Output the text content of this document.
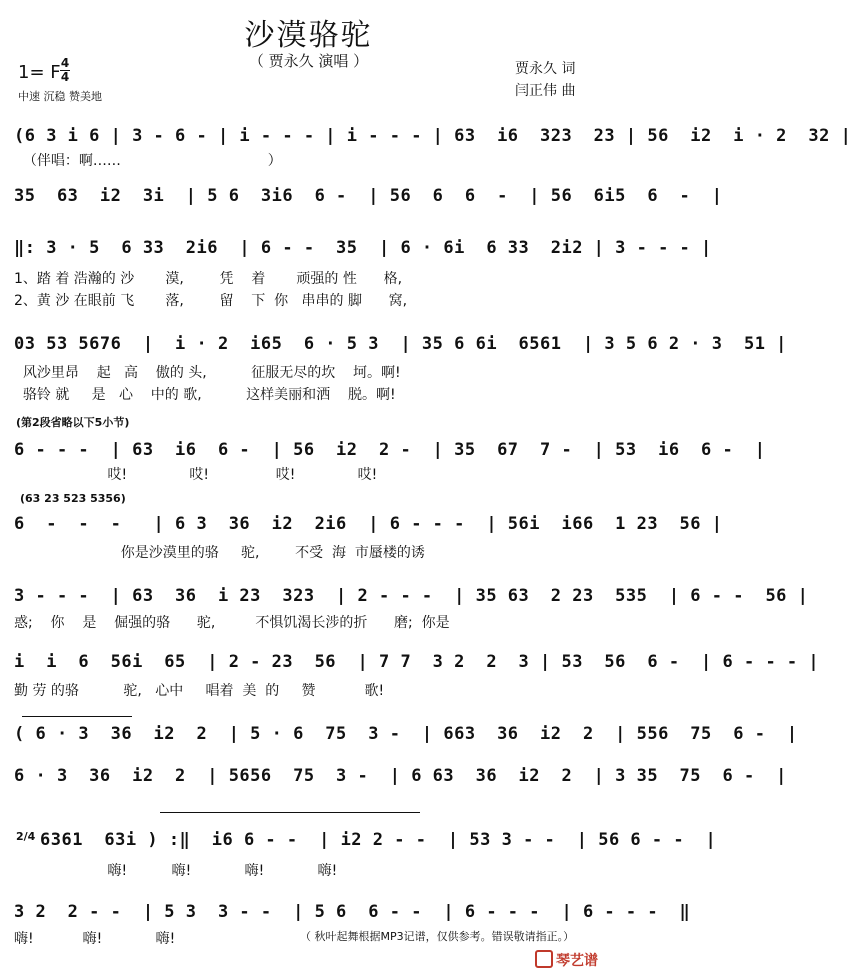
沙漠骆驼
（ 贾永久 演唱 ）
1= F 4
4
中速 沉稳 赞美地
贾永久 词
闫正伟 曲
(6 3 i 6 | 3 - 6 - | i - - - | i - - - | 63  i6  323  23 | 56  i2  i · 2  32 |
（伴唱：啊……                                 ）
35  63  i2  3i  | 5 6  3i6  6 -  | 56  6  6  -  | 56  6i5  6  -  |
‖: 3 · 5  6 33  2i6  | 6 - -  35  | 6 · 6i  6 33  2i2 | 3 - - - |
1、踏 着 浩瀚的 沙       漠,        凭    着       顽强的 性      格,
2、黄 沙 在眼前 飞       落,        留    下  你   串串的 脚      窝,
03 53 5676  |  i · 2  i65  6 · 5 3  | 35 6 6i  6561  | 3 5 6 2 · 3  51 |
风沙里昂    起   高    傲的 头,          征服无尽的坎    坷。啊!
骆铃 就     是   心    中的 歌,          这样美丽和洒    脱。啊!
(第2段省略以下5小节)
6 - - -  | 63  i6  6 -  | 56  i2  2 -  | 35  67  7 -  | 53  i6  6 -  |
哎!              哎!               哎!              哎!
(63 23 523 5356)
6  -  -  -   | 6 3  36  i2  2i6  | 6 - - -  | 56i  i66  1 23  56 |
你是沙漠里的骆     驼,        不受  海  市蜃楼的诱
3 - - -  | 63  36  i 23  323  | 2 - - -  | 35 63  2 23  535  | 6 - -  56 |
惑;    你    是    倔强的骆      驼,         不惧饥渴长涉的折      磨;  你是
i  i  6  56i  65  | 2 - 23  56  | 7 7  3 2  2  3 | 53  56  6 -  | 6 - - - |
勤 劳 的骆          驼,   心中     唱着  美  的     赞           歌!
( 6 · 3  36  i2  2  | 5 · 6  75  3 -  | 663  36  i2  2  | 556  75  6 -  |
6 · 3  36  i2  2  | 5656  75  3 -  | 6 63  36  i2  2  | 3 35  75  6 -  |
2/4 6361  63i ) :‖  i6 6 - -  | i2 2 - -  | 53 3 - -  | 56 6 - -  |
嗨!          嗨!            嗨!            嗨!
3 2  2 - -  | 5 3  3 - -  | 5 6  6 - -  | 6 - - -  | 6 - - -  ‖
嗨!           嗨!            嗨!	（ 秋叶起舞根据MP3记谱，仅供参考。错误敬请指正。）
琴艺谱
